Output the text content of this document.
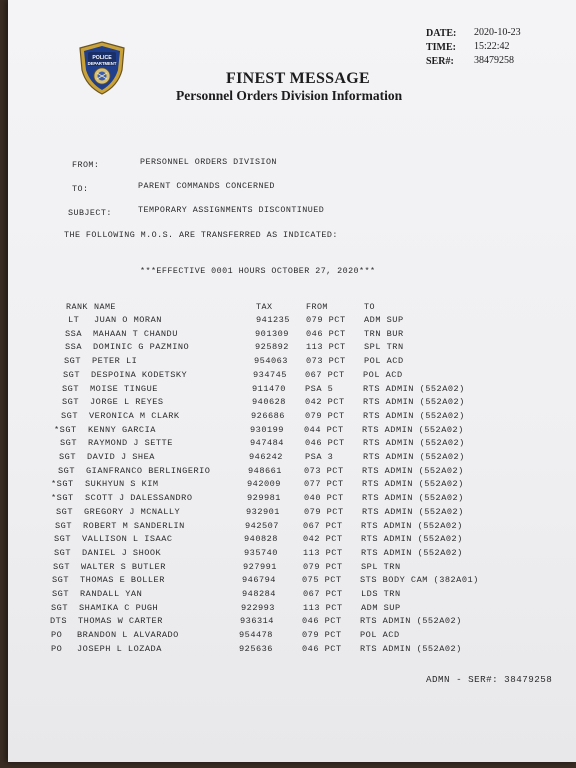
POLICE
DEPARTMENT
DATE: 2020-10-23
TIME: 15:22:42
SER#: 38479258
FINEST MESSAGE
Personnel Orders Division Information
FROM:	PERSONNEL ORDERS DIVISION
TO:	PARENT COMMANDS CONCERNED
SUBJECT:	TEMPORARY ASSIGNMENTS DISCONTINUED
THE FOLLOWING M.O.S. ARE TRANSFERRED AS INDICATED:
***EFFECTIVE 0001 HOURS OCTOBER 27, 2020***
RANK NAME	TAX	FROM	TO
LT JUAN O MORAN	941235 079 PCT ADM SUP
SSA MAHAAN T CHANDU	901309 046 PCT TRN BUR
SSA DOMINIC G PAZMINO	925892 113 PCT SPL TRN
SGT PETER LI	954063 073 PCT POL ACD
SGT DESPOINA KODETSKY	934745 067 PCT POL ACD
SGT MOISE TINGUE	911470 PSA 5	RTS ADMIN (552A02)
SGT JORGE L REYES	940628 042 PCT RTS ADMIN (552A02)
SGT VERONICA M CLARK	926686 079 PCT RTS ADMIN (552A02)
*SGT KENNY GARCIA	930199 044 PCT RTS ADMIN (552A02)
SGT RAYMOND J SETTE	947484 046 PCT RTS ADMIN (552A02)
SGT DAVID J SHEA	946242	PSA 3	RTS ADMIN (552A02)
SGT GIANFRANCO BERLINGERIO	948661	073 PCT RTS ADMIN (552A02)
*SGT SUKHYUN S KIM	942009	077 PCT RTS ADMIN (552A02)
*SGT SCOTT J DALESSANDRO	929981	040 PCT RTS ADMIN (552A02)
SGT GREGORY J MCNALLY	932901	079 PCT RTS ADMIN (552A02)
SGT ROBERT M SANDERLIN	942507	067 PCT RTS ADMIN (552A02)
SGT VALLISON L ISAAC	940828	042 PCT RTS ADMIN (552A02)
SGT DANIEL J SHOOK	935740	113 PCT RTS ADMIN (552A02)
SGT WALTER S BUTLER	927991	079 PCT SPL TRN
SGT THOMAS E BOLLER	946794	075 PCT STS BODY CAM (382A01)
SGT RANDALL YAN	948284	067 PCT LDS TRN
SGT SHAMIKA C PUGH	922993	113 PCT ADM SUP
DTS THOMAS W CARTER	936314	046 PCT RTS ADMIN (552A02)
PO BRANDON L ALVARADO	954478	079 PCT POL ACD
PO JOSEPH L LOZADA	925636	046 PCT RTS ADMIN (552A02)
ADMN - SER#: 38479258
